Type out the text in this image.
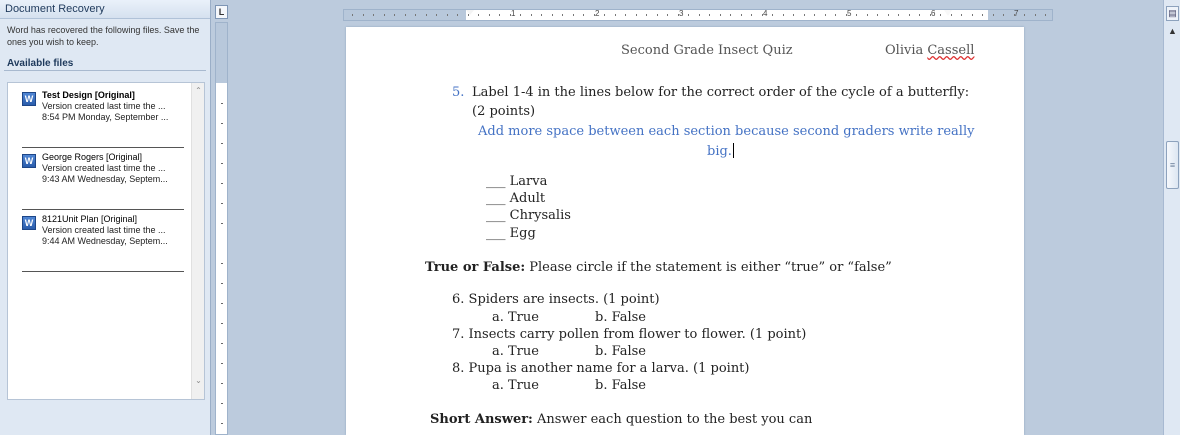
Document Recovery
Word has recovered the following files. Save the ones you wish to keep.
Available files
W Test Design [Original]
Version created last time the ...
8:54 PM Monday, September ...
W George Rogers [Original]
Version created last time the ...
9:43 AM Wednesday, Septem...
W 8121Unit Plan [Original]
Version created last time the ...
9:44 AM Wednesday, Septem...
⌃
⌄
L	1	2	3	4	5	6	7
Second Grade Insect Quiz	Olivia Cassell
5. Label 1-4 in the lines below for the correct order of the cycle of a butterfly:
(2 points)
Add more space between each section because second graders write really
big.
___ Larva
___ Adult
___ Chrysalis
___ Egg
True or False: Please circle if the statement is either “true” or “false”
6. Spiders are insects. (1 point)
a. True	b. False
7. Insects carry pollen from flower to flower. (1 point)
a. True	b. False
8. Pupa is another name for a larva. (1 point)
a. True	b. False
Short Answer: Answer each question to the best you can
▤
▲
≡
